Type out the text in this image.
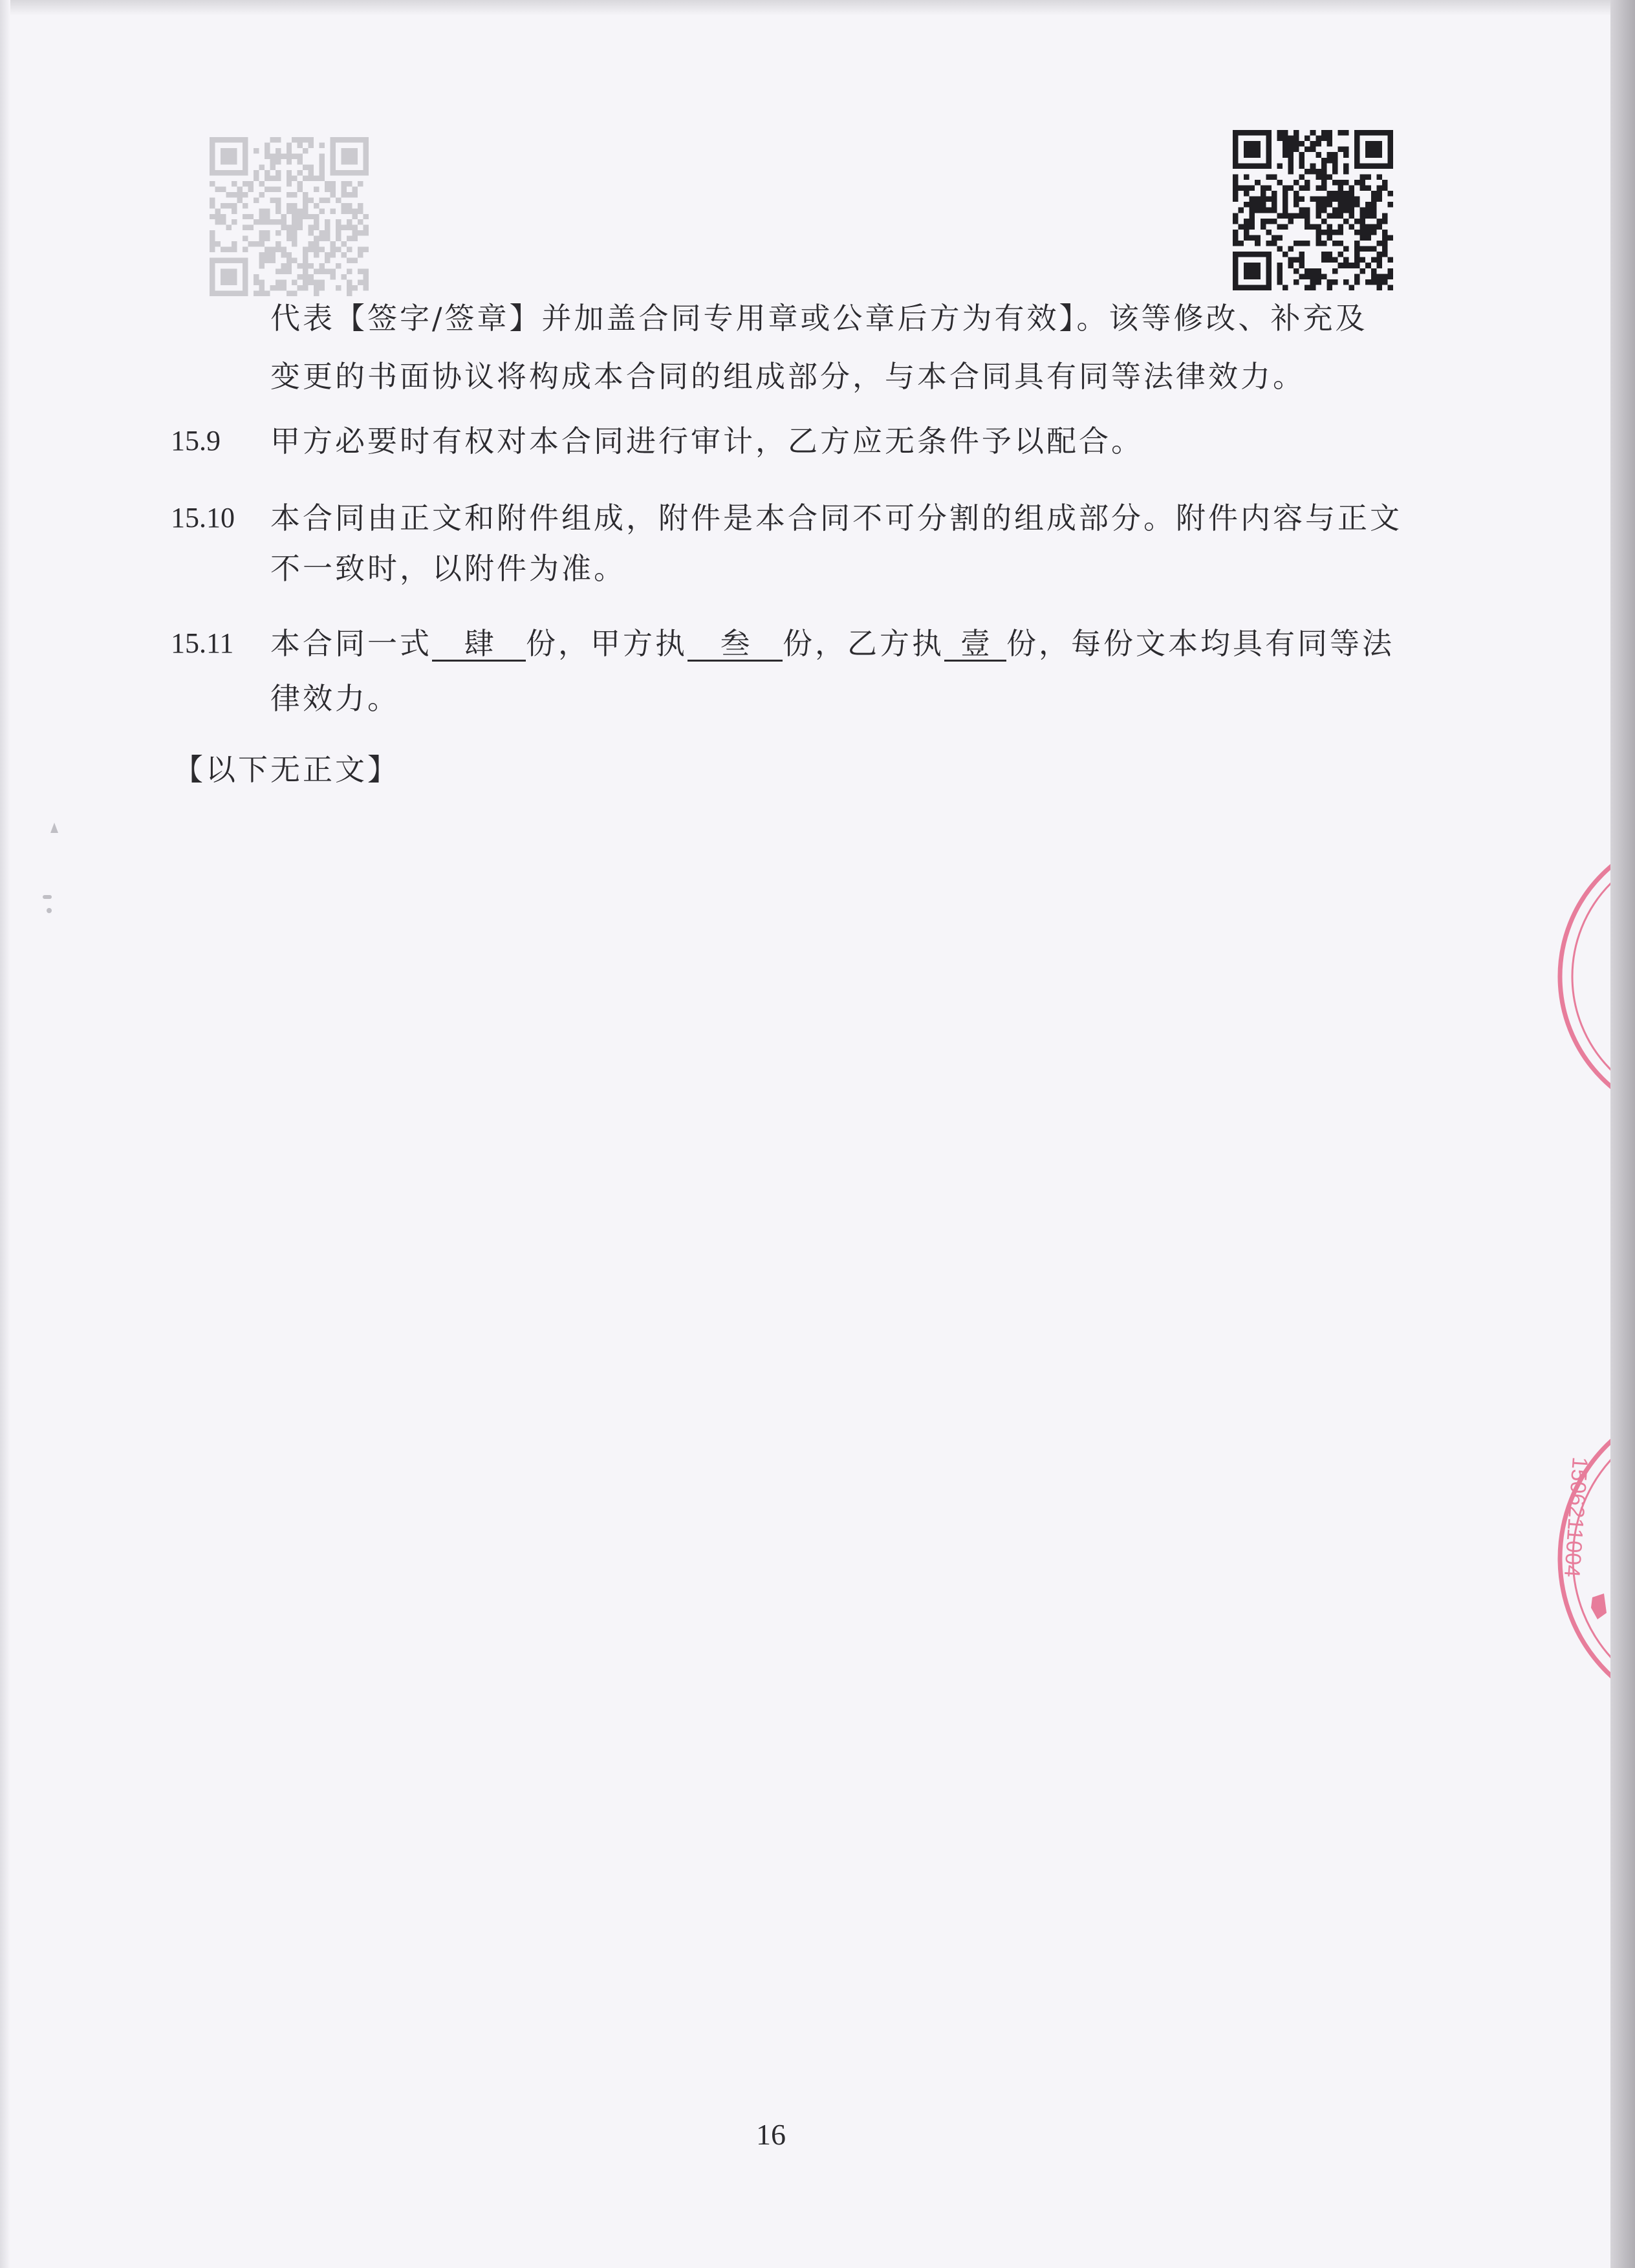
代表【签字/签章】并加盖合同专用章或公章后方为有效】。该等修改、补充及
变更的书面协议将构成本合同的组成部分，与本合同具有同等法律效力。
15.9 甲方必要时有权对本合同进行审计，乙方应无条件予以配合。
15.10 本合同由正文和附件组成，附件是本合同不可分割的组成部分。附件内容与正文
不一致时，以附件为准。
15.11 本合同一式 肆 份，甲方执 叁 份，乙方执 壹 份，每份文本均具有同等法
律效力。
【以下无正文】
1506211004
16
